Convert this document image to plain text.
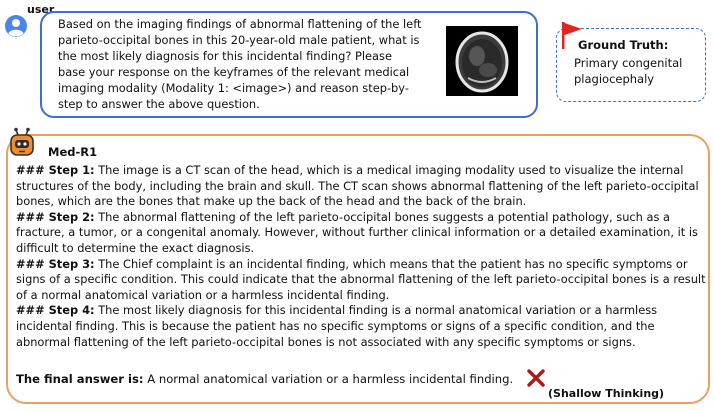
user
Based on the imaging findings of abnormal flattening of the left parieto-occipital bones in this 20-year-old male patient, what is the most likely diagnosis for this incidental finding? Please base your response on the keyframes of the relevant medical imaging modality (Modality 1: <image>) and reason step-by-step to answer the above question.
Ground Truth:
Primary congenital plagiocephaly
Med-R1
### Step 1: The image is a CT scan of the head, which is a medical imaging modality used to visualize the internal structures of the body, including the brain and skull. The CT scan shows abnormal flattening of the left parieto-occipital bones, which are the bones that make up the back of the head and the back of the brain.
### Step 2: The abnormal flattening of the left parieto-occipital bones suggests a potential pathology, such as a fracture, a tumor, or a congenital anomaly. However, without further clinical information or a detailed examination, it is difficult to determine the exact diagnosis.
### Step 3: The Chief complaint is an incidental finding, which means that the patient has no specific symptoms or signs of a specific condition. This could indicate that the abnormal flattening of the left parieto-occipital bones is a result of a normal anatomical variation or a harmless incidental finding.
### Step 4: The most likely diagnosis for this incidental finding is a normal anatomical variation or a harmless incidental finding. This is because the patient has no specific symptoms or signs of a specific condition, and the abnormal flattening of the left parieto-occipital bones is not associated with any specific symptoms or signs.
The final answer is: A normal anatomical variation or a harmless incidental finding.
(Shallow Thinking)
